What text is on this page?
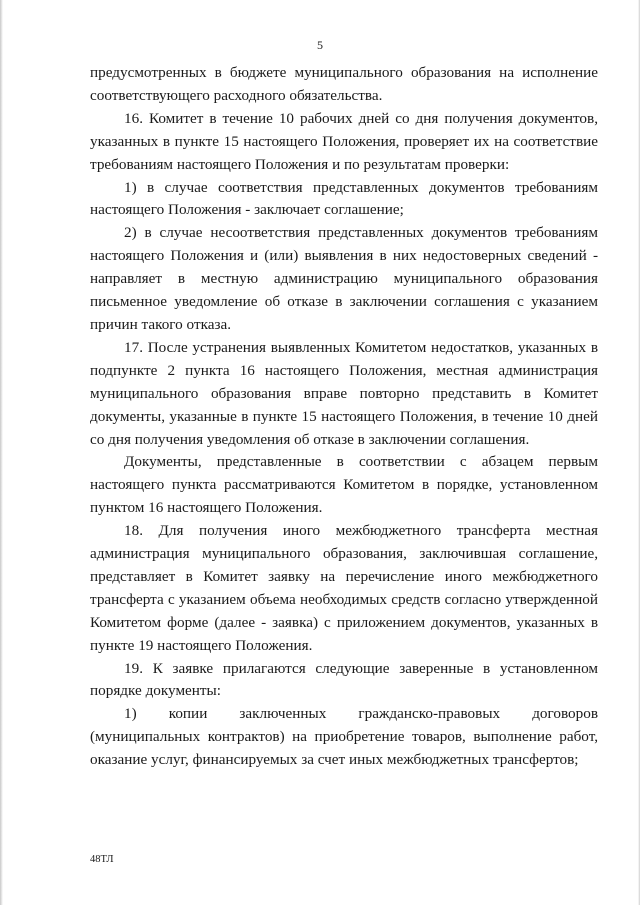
5

предусмотренных в бюджете муниципального образования на исполнение соответствующего расходного обязательства.

16. Комитет в течение 10 рабочих дней со дня получения документов, указанных в пункте 15 настоящего Положения, проверяет их на соответствие требованиям настоящего Положения и по результатам проверки:

1) в случае соответствия представленных документов требованиям настоящего Положения - заключает соглашение;

2) в случае несоответствия представленных документов требованиям настоящего Положения и (или) выявления в них недостоверных сведений - направляет в местную администрацию муниципального образования письменное уведомление об отказе в заключении соглашения с указанием причин такого отказа.

17. После устранения выявленных Комитетом недостатков, указанных в подпункте 2 пункта 16 настоящего Положения, местная администрация муниципального образования вправе повторно представить в Комитет документы, указанные в пункте 15 настоящего Положения, в течение 10 дней со дня получения уведомления об отказе в заключении соглашения.

Документы, представленные в соответствии с абзацем первым настоящего пункта рассматриваются Комитетом в порядке, установленном пунктом 16 настоящего Положения.

18. Для получения иного межбюджетного трансферта местная администрация муниципального образования, заключившая соглашение, представляет в Комитет заявку на перечисление иного межбюджетного трансферта с указанием объема необходимых средств согласно утвержденной Комитетом форме (далее - заявка) с приложением документов, указанных в пункте 19 настоящего Положения.

19. К заявке прилагаются следующие заверенные в установленном порядке документы:

1) копии заключенных гражданско-правовых договоров (муниципальных контрактов) на приобретение товаров, выполнение работ, оказание услуг, финансируемых за счет иных межбюджетных трансфертов;

48ТЛ
